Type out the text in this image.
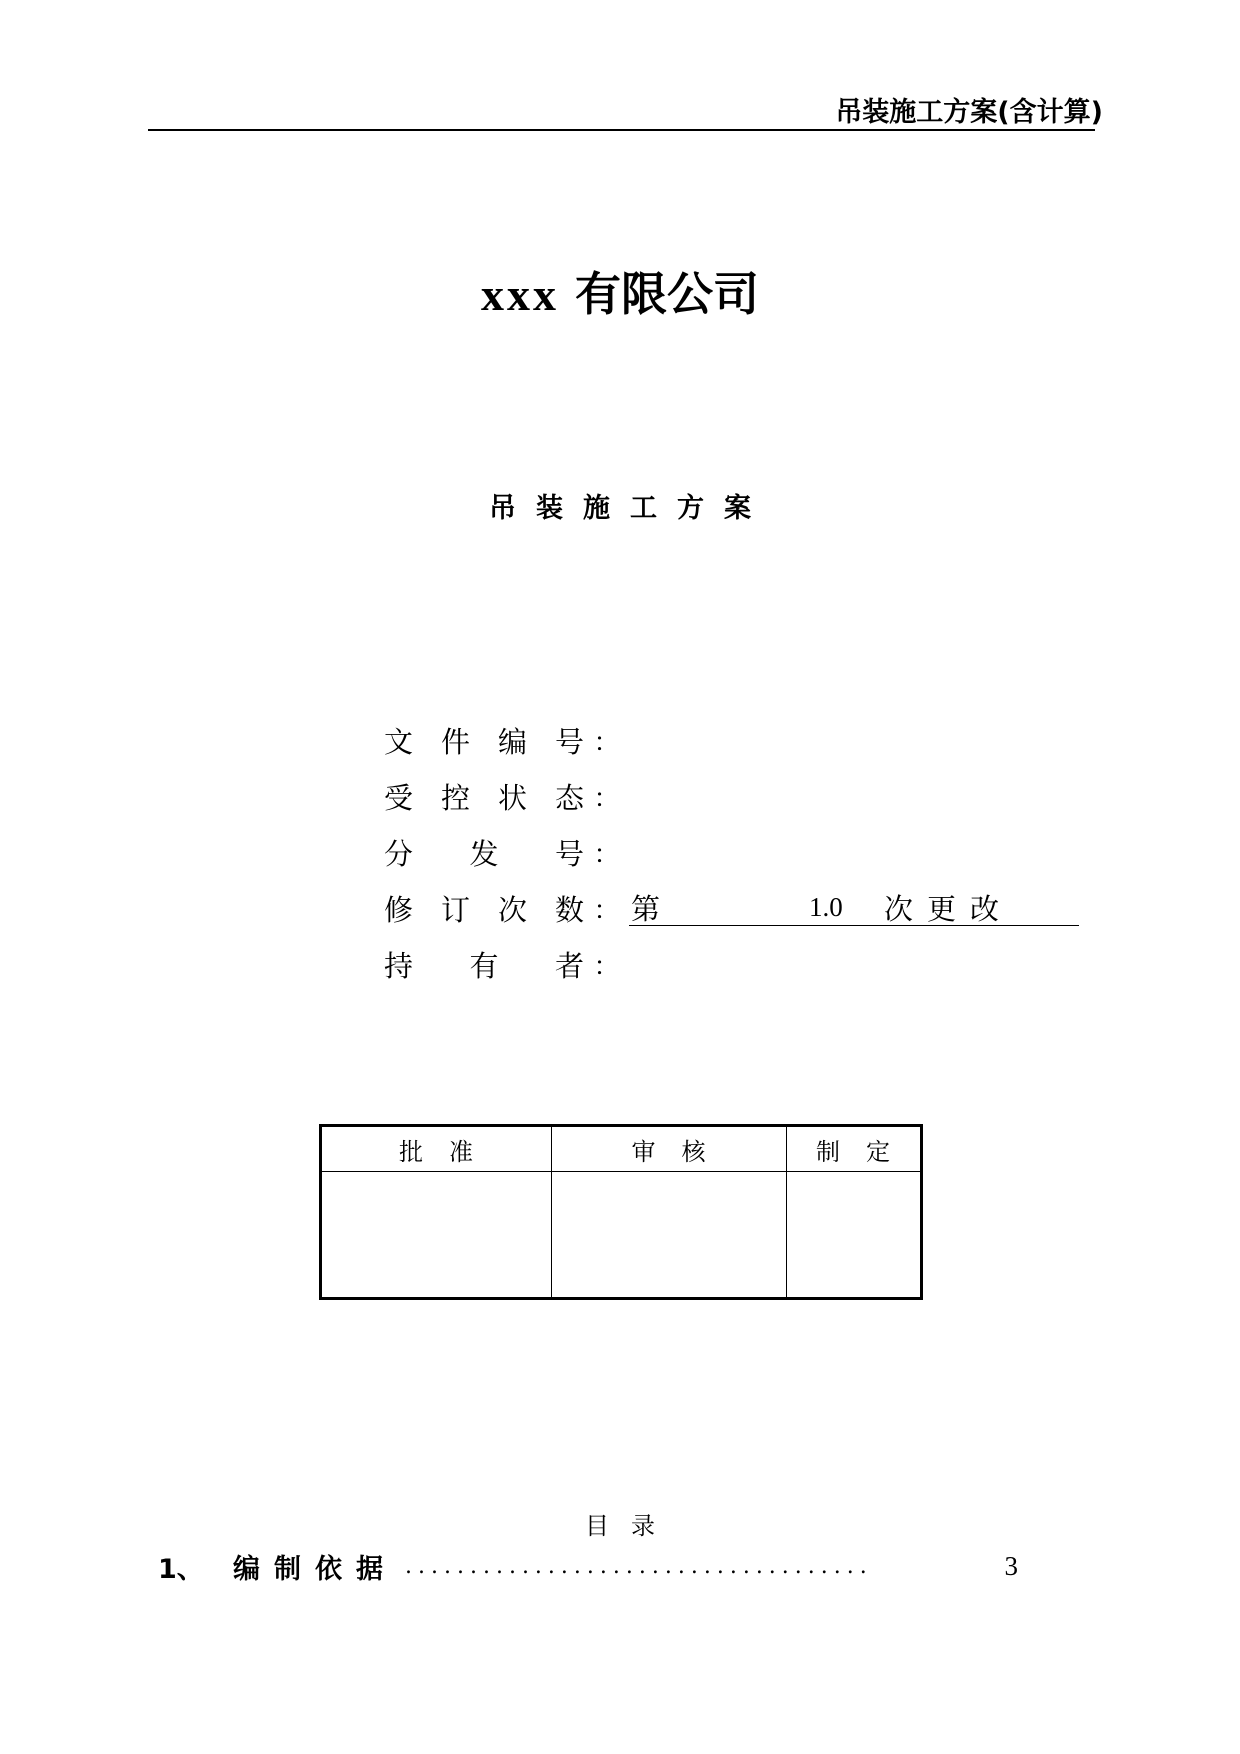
吊装施工方案(含计算)
xxx 有限公司
吊装施工方案
文 件 编 号 ：
受 控 状 态 ：
分 发 号 ：
修 订 次 数 ： 第	1.0	次更改
持 有 者 ：
批准	审核	制定

目录
1、	编制依据 ....................................	3
